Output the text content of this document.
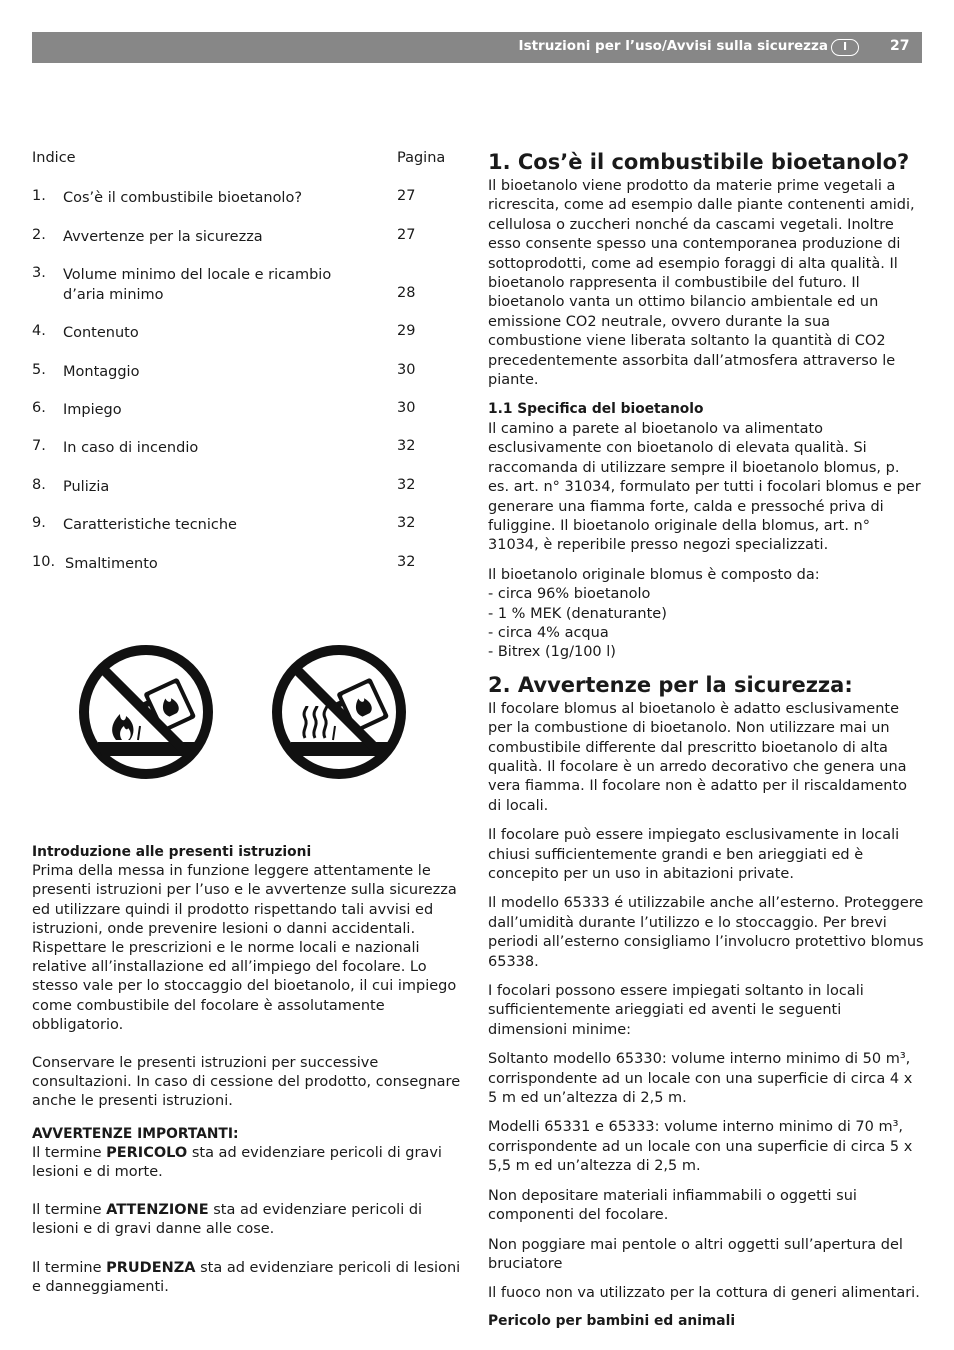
Istruzioni per l’uso/Avvisi sulla sicurezza	I	27
Indice	Pagina
1. Cos’è il combustibile bioetanolo?	27
2. Avvertenze per la sicurezza	27
3. Volume minimo del locale e ricambio d’aria minimo	28
4. Contenuto	29
5. Montaggio	30
6. Impiego	30
7. In caso di incendio	32
8. Pulizia	32
9. Caratteristiche tecniche	32
10. Smaltimento	32
Introduzione alle presenti istruzioni

Prima della messa in funzione leggere attentamente le presenti istruzioni per l’uso e le avvertenze sulla sicurezza ed utilizzare quindi il prodotto rispettando tali avvisi ed istruzioni, onde prevenire lesioni o danni accidentali. Rispettare le prescrizioni e le norme locali e nazionali relative all’installazione ed all’impiego del focolare. Lo stesso vale per lo stoccaggio del bioetanolo, il cui impiego come combustibile del focolare è assolutamente obbligatorio.

Conservare le presenti istruzioni per successive consultazioni. In caso di cessione del prodotto, consegnare anche le presenti istruzioni.

AVVERTENZE IMPORTANTI:

Il termine PERICOLO sta ad evidenziare pericoli di gravi lesioni e di morte.

Il termine ATTENZIONE sta ad evidenziare pericoli di lesioni e di gravi danne alle cose.

Il termine PRUDENZA sta ad evidenziare pericoli di lesioni e danneggiamenti.

1. Cos’è il combustibile bioetanolo?

Il bioetanolo viene prodotto da materie prime vegetali a ricrescita, come ad esempio dalle piante contenenti amidi, cellulosa o zuccheri nonché da cascami vegetali. Inoltre esso consente spesso una contemporanea produzione di sottoprodotti, come ad esempio foraggi di alta qualità. Il bioetanolo rappresenta il combustibile del futuro. Il bioetanolo vanta un ottimo bilancio ambientale ed un emissione CO2 neutrale, ovvero durante la sua combustione viene liberata soltanto la quantità di CO2 precedentemente assorbita dall’atmosfera attraverso le piante.

1.1 Specifica del bioetanolo

Il camino a parete al bioetanolo va alimentato esclusivamente con bioetanolo di elevata qualità. Si raccomanda di utilizzare sempre il bioetanolo blomus, p. es. art. n° 31034, formulato per tutti i focolari blomus e per generare una fiamma forte, calda e pressoché priva di fuliggine. Il bioetanolo originale della blomus, art. n° 31034, è reperibile presso negozi specializzati.

Il bioetanolo originale blomus è composto da:

- circa 96% bioetanolo
- 1 % MEK (denaturante)
- circa 4% acqua
- Bitrex (1g/100 l)
2. Avvertenze per la sicurezza:

Il focolare blomus al bioetanolo è adatto esclusivamente per la combustione di bioetanolo. Non utilizzare mai un combustibile differente dal prescritto bioetanolo di alta qualità. Il focolare è un arredo decorativo che genera una vera fiamma. Il focolare non è adatto per il riscaldamento di locali.

Il focolare può essere impiegato esclusivamente in locali chiusi sufficientemente grandi e ben arieggiati ed è concepito per un uso in abitazioni private.

Il modello 65333 é utilizzabile anche all’esterno. Proteggere dall’umidità durante l’utilizzo e lo stoccaggio. Per brevi periodi all’esterno consigliamo l’involucro protettivo blomus 65338.

I focolari possono essere impiegati soltanto in locali sufficientemente arieggiati ed aventi le seguenti dimensioni minime:

Soltanto modello 65330: volume interno minimo di 50 m³, corrispondente ad un locale con una superficie di circa 4 x 5 m ed un’altezza di 2,5 m.

Modelli 65331 e 65333: volume interno minimo di 70 m³, corrispondente ad un locale con una superficie di circa 5 x 5,5 m ed un’altezza di 2,5 m.

Non depositare materiali infiammabili o oggetti sui componenti del focolare.

Non poggiare mai pentole o altri oggetti sull’apertura del bruciatore

Il fuoco non va utilizzato per la cottura di generi alimentari.

Pericolo per bambini ed animali
